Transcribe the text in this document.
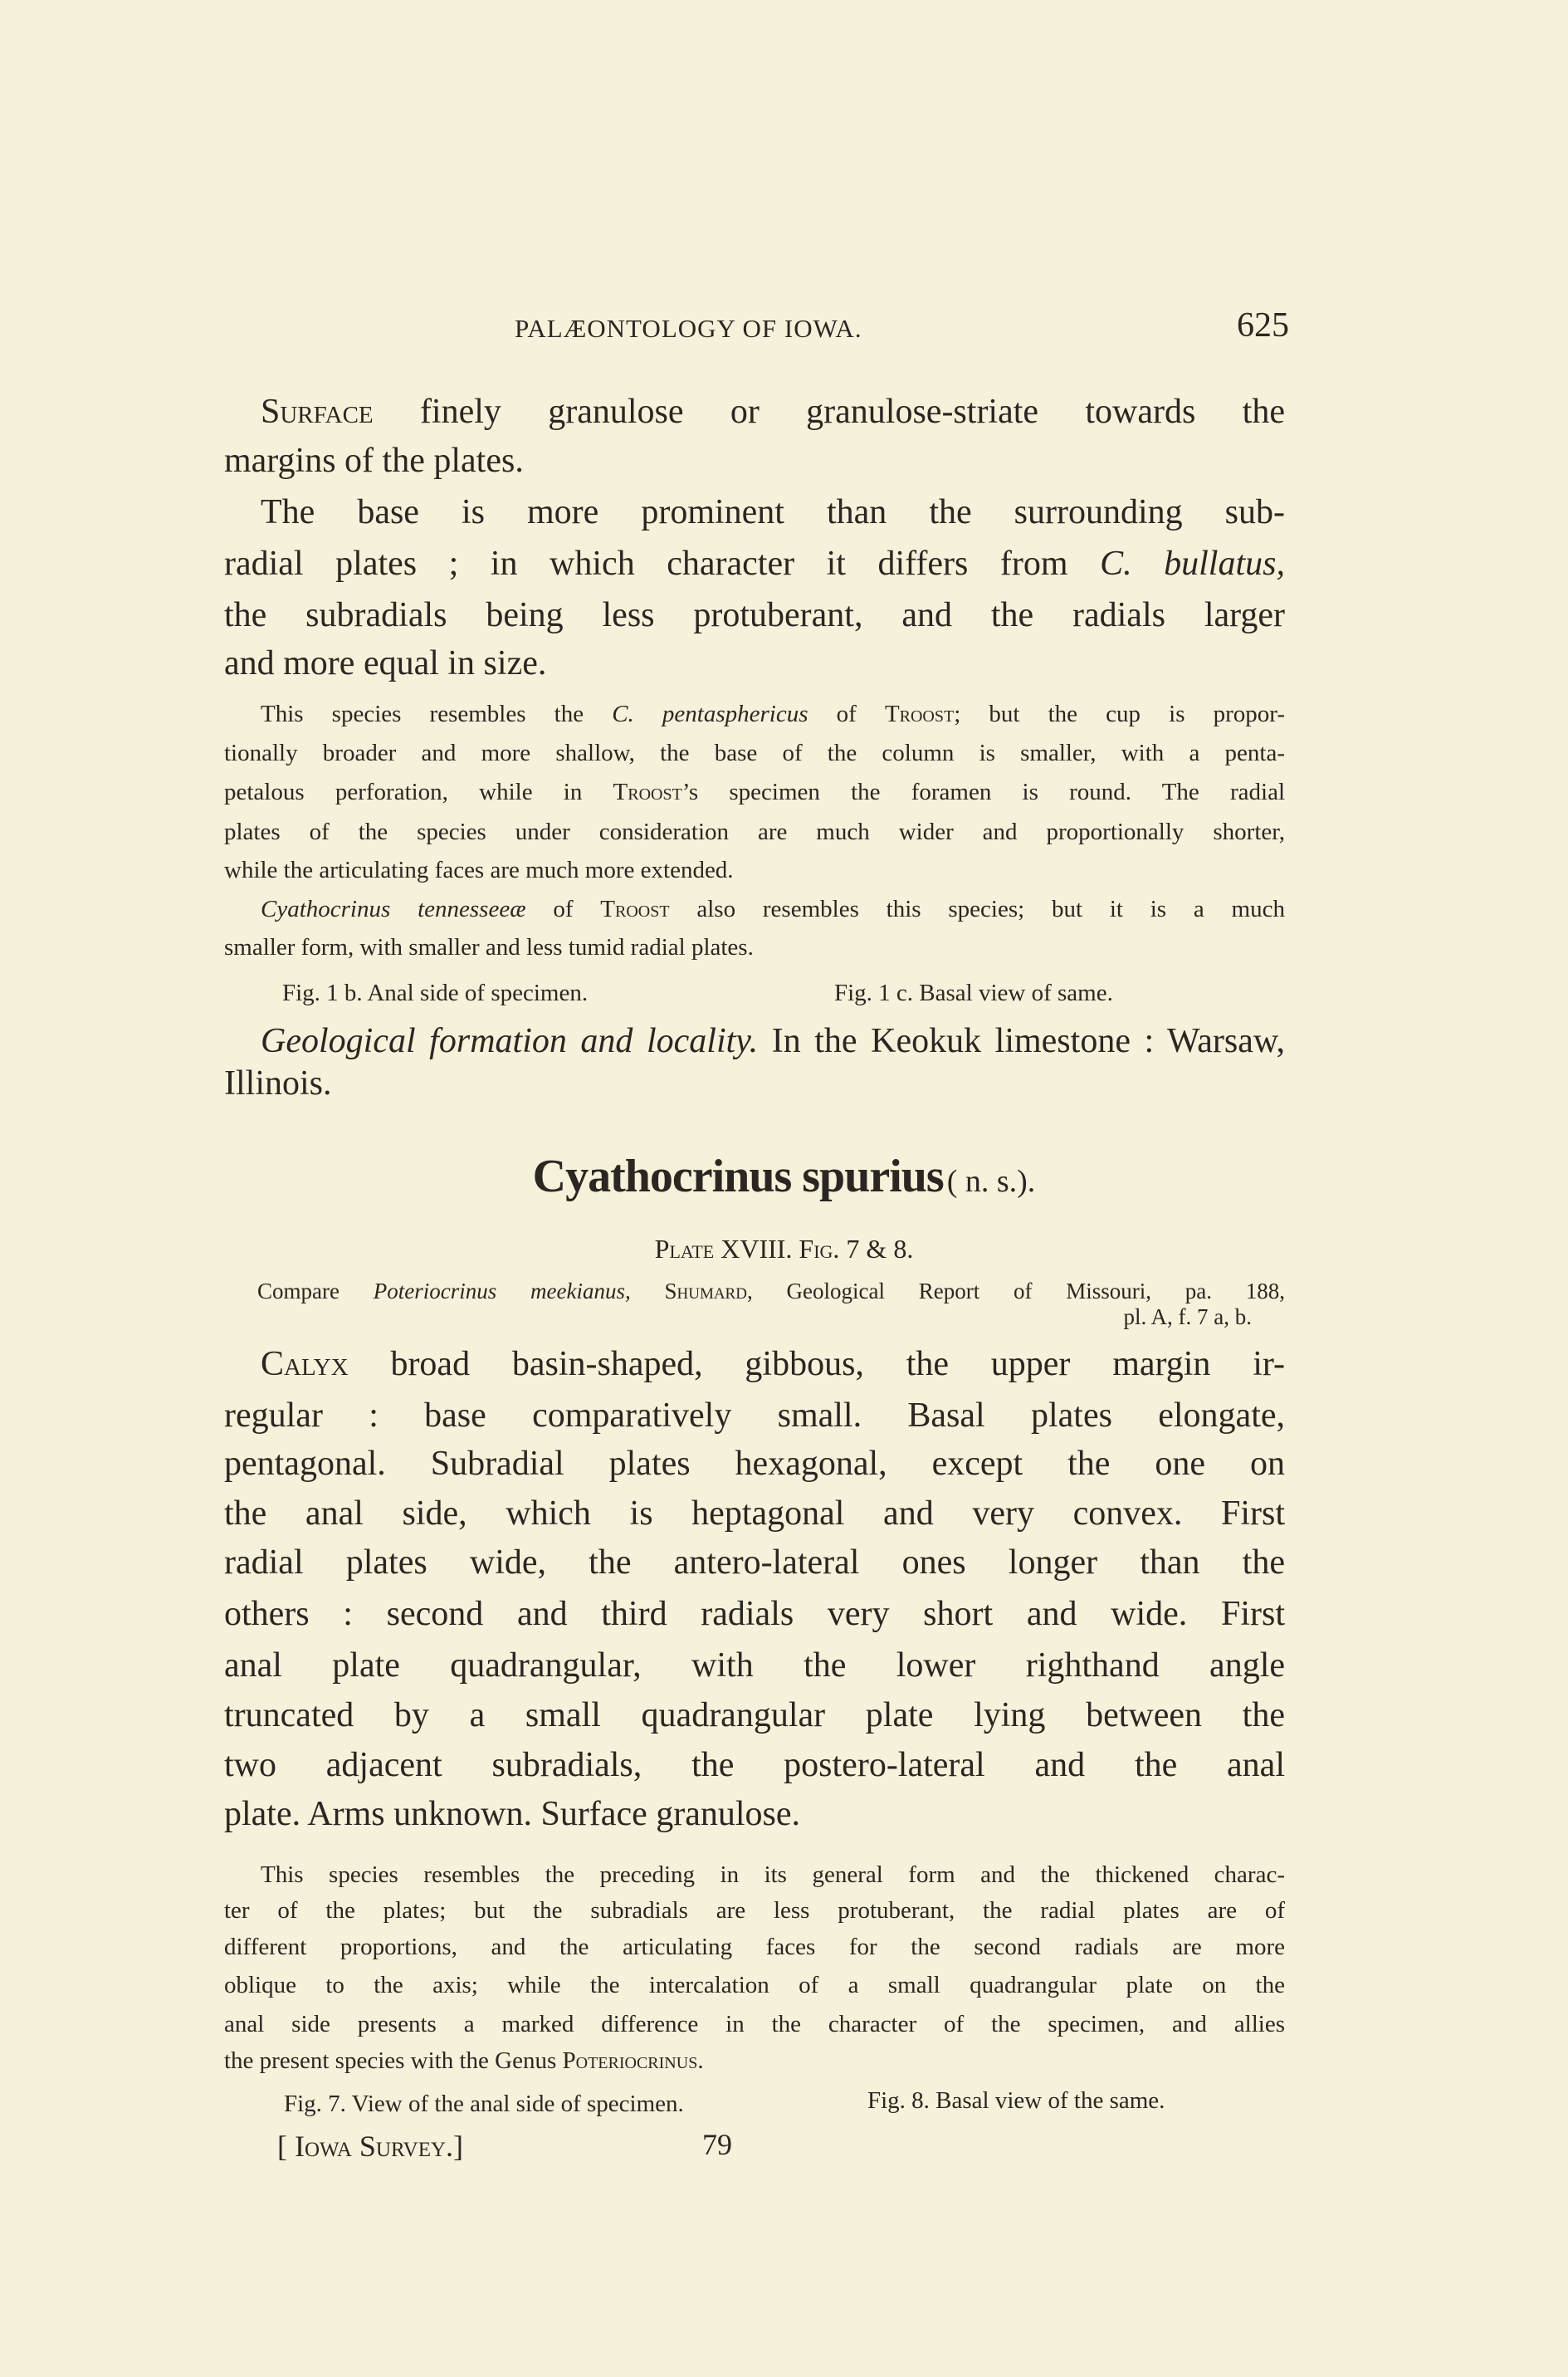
PALÆONTOLOGY OF IOWA.	625
Fig. 1 b. Anal side of specimen.	Fig. 1 c. Basal view of same.
Cyathocrinus spurius ( n. s.).
Plate XVIII. Fig. 7 & 8.
Compare Poteriocrinus meekianus, Shumard, Geological Report of Missouri, pa. 188,
pl. A, f. 7 a, b.
Fig. 7. View of the anal side of specimen.	Fig. 8. Basal view of the same.
[ Iowa Survey.]	79
Surface finely granulose or granulose-striate towards the
margins of the plates.
The base is more prominent than the surrounding sub-
radial plates ; in which character it differs from C. bullatus,
the subradials being less protuberant, and the radials larger
and more equal in size.
This species resembles the C. pentasphericus of Troost; but the cup is propor-
tionally broader and more shallow, the base of the column is smaller, with a penta-
petalous perforation, while in Troost’s specimen the foramen is round. The radial
plates of the species under consideration are much wider and proportionally shorter,
while the articulating faces are much more extended.
Cyathocrinus tennesseeæ of Troost also resembles this species; but it is a much
smaller form, with smaller and less tumid radial plates.
Geological formation and locality. In the Keokuk limestone : Warsaw,
Illinois.
Calyx broad basin-shaped, gibbous, the upper margin ir-
regular : base comparatively small. Basal plates elongate,
pentagonal. Subradial plates hexagonal, except the one on
the anal side, which is heptagonal and very convex. First
radial plates wide, the antero-lateral ones longer than the
others : second and third radials very short and wide. First
anal plate quadrangular, with the lower righthand angle
truncated by a small quadrangular plate lying between the
two adjacent subradials, the postero-lateral and the anal
plate. Arms unknown. Surface granulose.
This species resembles the preceding in its general form and the thickened charac-
ter of the plates; but the subradials are less protuberant, the radial plates are of
different proportions, and the articulating faces for the second radials are more
oblique to the axis; while the intercalation of a small quadrangular plate on the
anal side presents a marked difference in the character of the specimen, and allies
the present species with the Genus Poteriocrinus.
